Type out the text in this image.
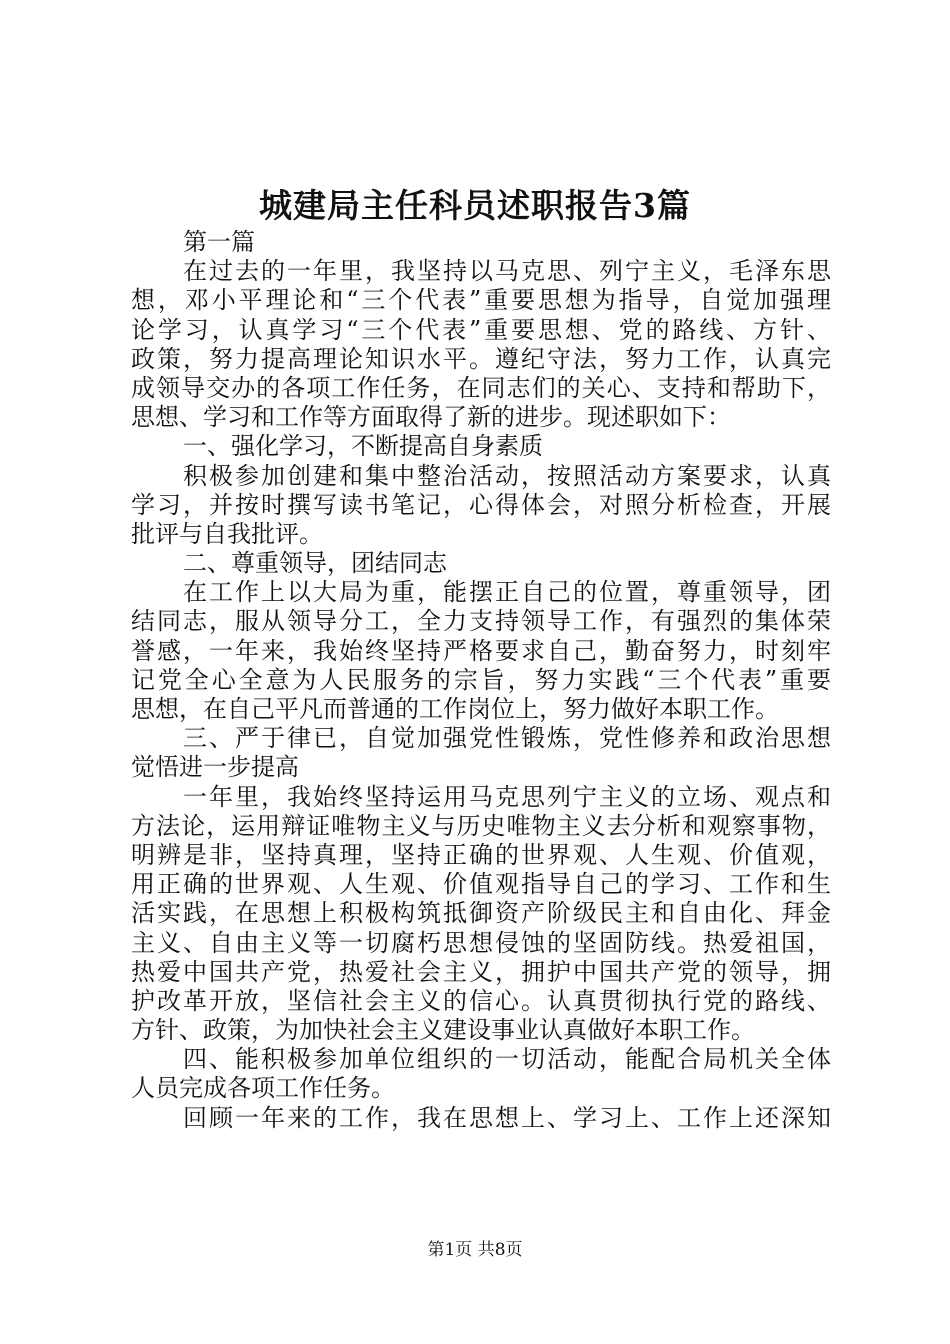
城建局主任科员述职报告3篇
第一篇
在过去的一年里，我坚持以马克思、列宁主义，毛泽东思
想，邓小平理论和“三个代表”重要思想为指导，自觉加强理
论学习，认真学习“三个代表”重要思想、党的路线、方针、
政策，努力提高理论知识水平。遵纪守法，努力工作，认真完
成领导交办的各项工作任务，在同志们的关心、支持和帮助下，
思想、学习和工作等方面取得了新的进步。现述职如下：
一、强化学习，不断提高自身素质
积极参加创建和集中整治活动，按照活动方案要求，认真
学习，并按时撰写读书笔记，心得体会，对照分析检查，开展
批评与自我批评。
二、尊重领导，团结同志
在工作上以大局为重，能摆正自己的位置，尊重领导，团
结同志，服从领导分工，全力支持领导工作，有强烈的集体荣
誉感，一年来，我始终坚持严格要求自己，勤奋努力，时刻牢
记党全心全意为人民服务的宗旨，努力实践“三个代表”重要
思想，在自己平凡而普通的工作岗位上，努力做好本职工作。
三、严于律已，自觉加强党性锻炼，党性修养和政治思想
觉悟进一步提高
一年里，我始终坚持运用马克思列宁主义的立场、观点和
方法论，运用辩证唯物主义与历史唯物主义去分析和观察事物，
明辨是非，坚持真理，坚持正确的世界观、人生观、价值观，
用正确的世界观、人生观、价值观指导自己的学习、工作和生
活实践，在思想上积极构筑抵御资产阶级民主和自由化、拜金
主义、自由主义等一切腐朽思想侵蚀的坚固防线。热爱祖国，
热爱中国共产党，热爱社会主义，拥护中国共产党的领导，拥
护改革开放，坚信社会主义的信心。认真贯彻执行党的路线、
方针、政策，为加快社会主义建设事业认真做好本职工作。
四、能积极参加单位组织的一切活动，能配合局机关全体
人员完成各项工作任务。
回顾一年来的工作，我在思想上、学习上、工作上还深知
第1页 共8页
